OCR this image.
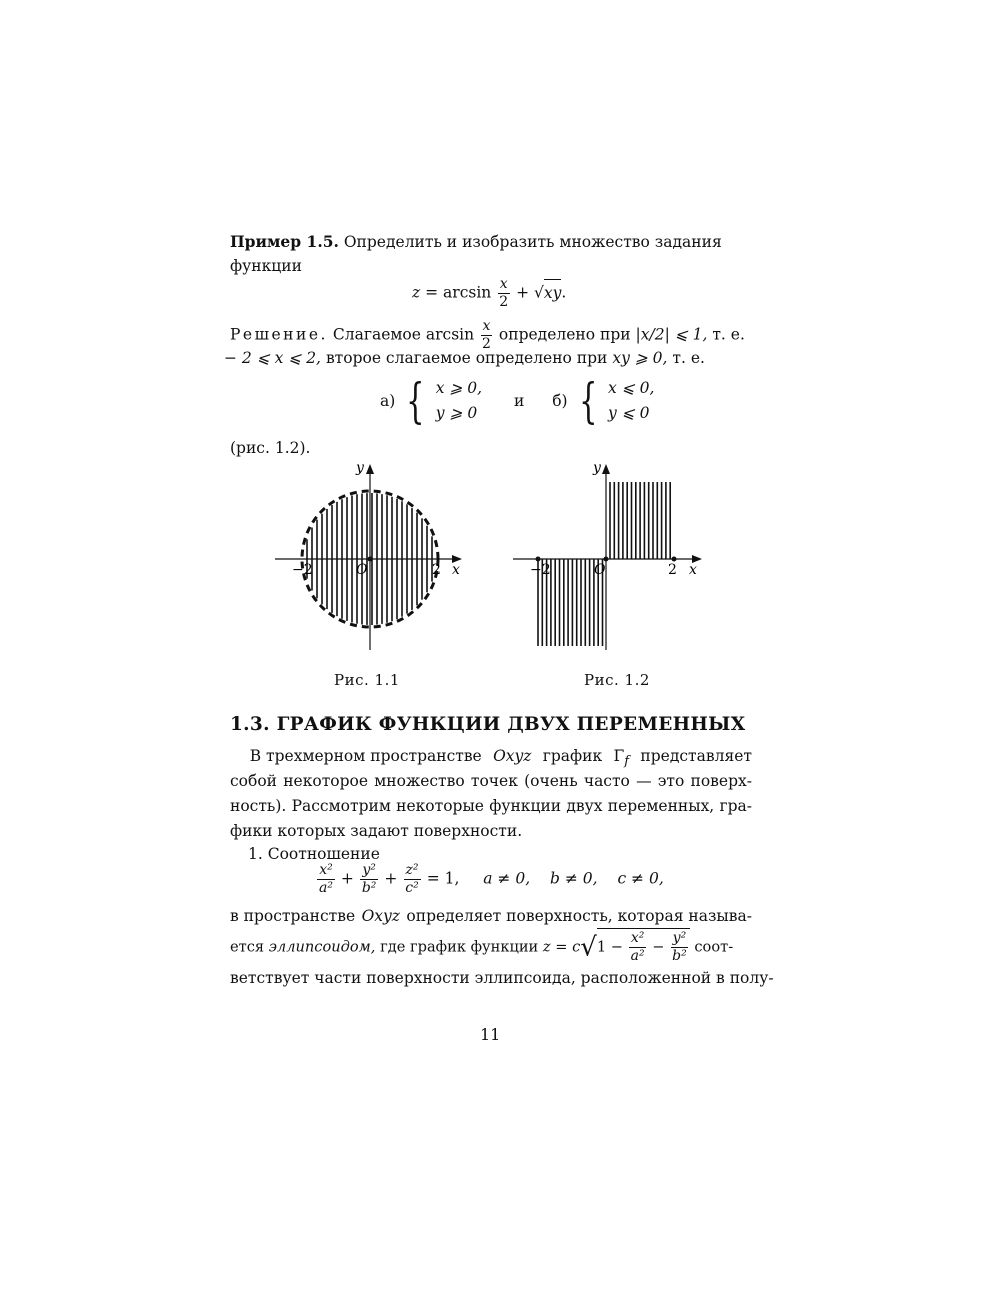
Пример 1.5. Определить и изобразить множество задания
функции
$z = \arcsin \frac{x}{2} + √xy$.
Решение. Слагаемое $\arcsin \frac{x}{2}$ определено при |x/2| ⩽ 1, т. е.
− 2 ⩽ x ⩽ 2, второе слагаемое определено при xy ⩾ 0, т. е.
а) { x ⩾ 0,
y ⩾ 0
и б) { x ⩽ 0,
y ⩽ 0
(рис. 1.2).
Рис. 1.1	Рис. 1.2
1.3. ГРАФИК ФУНКЦИИ ДВУХ ПЕРЕМЕННЫХ
В трехмерном пространстве Oxyz график $\Gamma_f$ представляет
собой некоторое множество точек (очень часто — это поверх-
ность). Рассмотрим некоторые функции двух переменных, гра-
фики которых задают поверхности.
1. Соотношение
$\frac{\text{x²}}{\text{a²}} + \frac{\text{y²}}{\text{b²}} + \frac{\text{z²}}{\text{c²}} = 1$, a ≠ 0, b ≠ 0, c ≠ 0,
в пространстве Oxyz определяет поверхность, которая называ-
ется эллипсоидом, где график функции $z = c√1 - \frac{\text{x²}}{\text{a²}} - \frac{\text{y²}}{\text{b²}}$ соот-
ветствует части поверхности эллипсоида, расположенной в полу-
y
x
O
−2	2
y
x
O
−2	2
11
